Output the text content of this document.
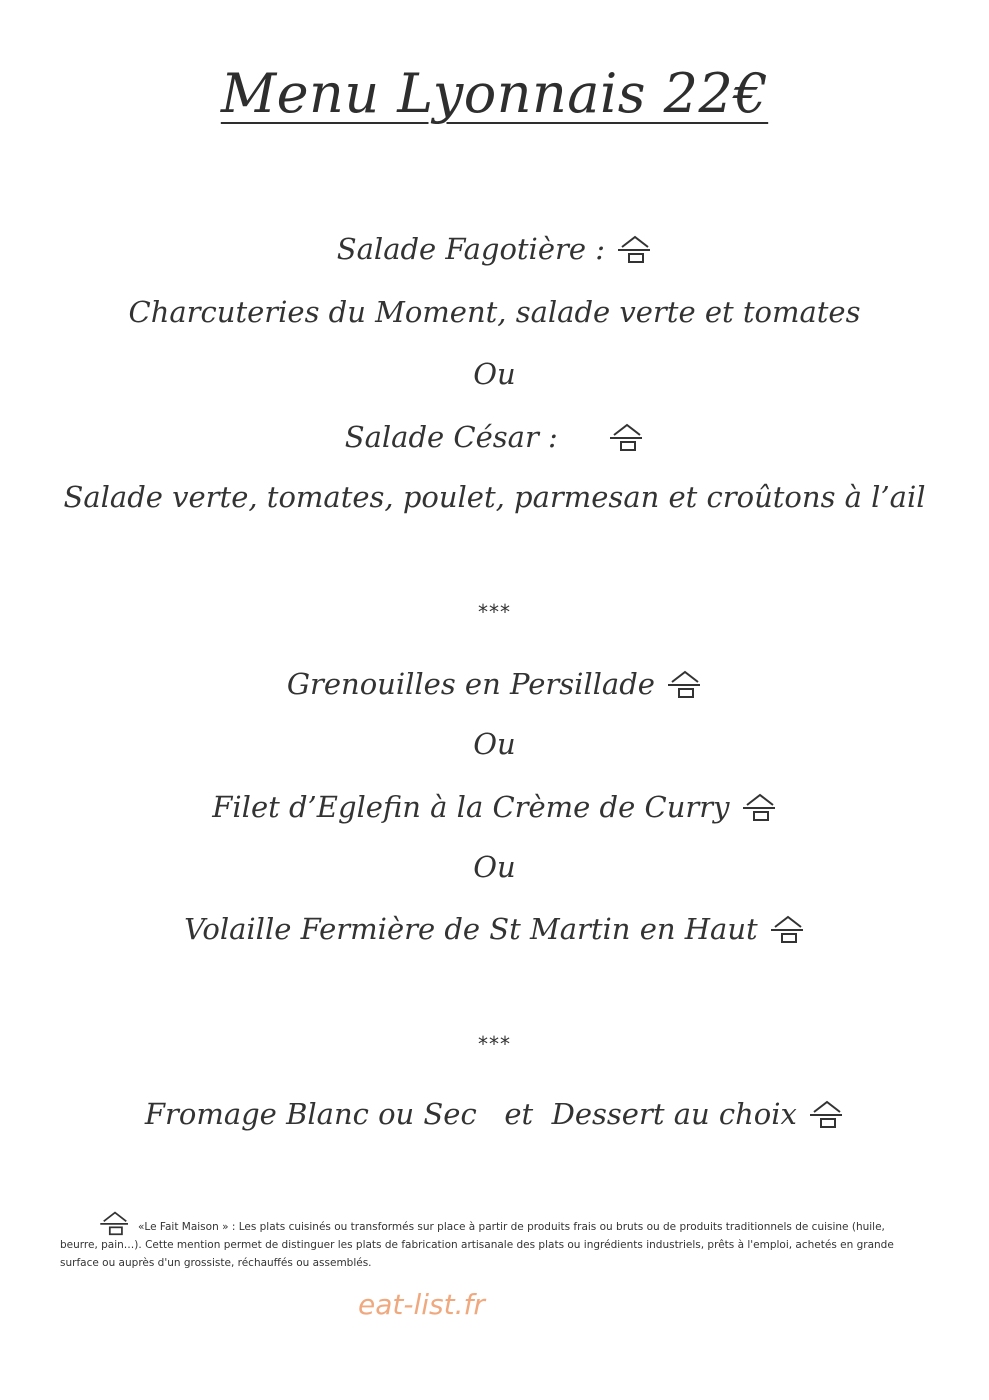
Menu Lyonnais 22€
Salade Fagotière :
Charcuteries du Moment, salade verte et tomates
Ou
Salade César :
Salade verte, tomates, poulet, parmesan et croûtons à l’ail
***
Grenouilles en Persillade
Ou
Filet d’Eglefin à la Crème de Curry
Ou
Volaille Fermière de St Martin en Haut
***
Fromage Blanc ou Sec   et  Dessert au choix
«Le Fait Maison » : Les plats cuisinés ou transformés sur place à partir de produits frais ou bruts ou de produits traditionnels de cuisine (huile, beurre, pain…). Cette mention permet de distinguer les plats de fabrication artisanale des plats ou ingrédients industriels, prêts à l'emploi, achetés en grande surface ou auprès d'un grossiste, réchauffés ou assemblés.
eat-list.fr
